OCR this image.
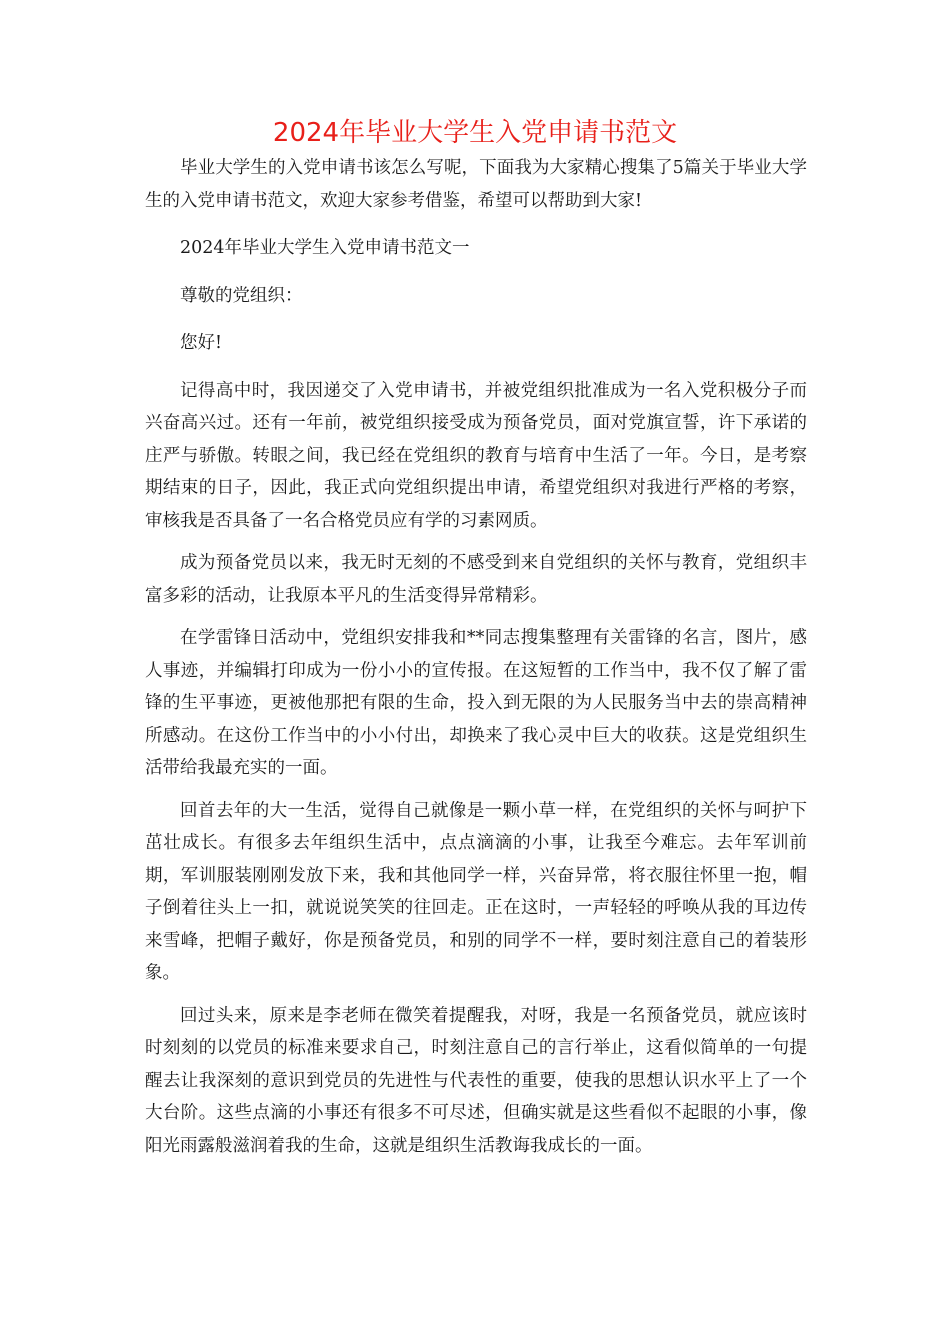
2024年毕业大学生入党申请书范文

毕业大学生的入党申请书该怎么写呢，下面我为大家精心搜集了5篇关于毕业大学生的入党申请书范文，欢迎大家参考借鉴，希望可以帮助到大家!

2024年毕业大学生入党申请书范文一

尊敬的党组织：

您好!

记得高中时，我因递交了入党申请书，并被党组织批准成为一名入党积极分子而兴奋高兴过。还有一年前，被党组织接受成为预备党员，面对党旗宣誓，许下承诺的庄严与骄傲。转眼之间，我已经在党组织的教育与培育中生活了一年。今日，是考察期结束的日子，因此，我正式向党组织提出申请，希望党组织对我进行严格的考察，审核我是否具备了一名合格党员应有学的习素网质。

成为预备党员以来，我无时无刻的不感受到来自党组织的关怀与教育，党组织丰富多彩的活动，让我原本平凡的生活变得异常精彩。

在学雷锋日活动中，党组织安排我和**同志搜集整理有关雷锋的名言，图片，感人事迹，并编辑打印成为一份小小的宣传报。在这短暂的工作当中，我不仅了解了雷锋的生平事迹，更被他那把有限的生命，投入到无限的为人民服务当中去的崇高精神所感动。在这份工作当中的小小付出，却换来了我心灵中巨大的收获。这是党组织生活带给我最充实的一面。

回首去年的大一生活，觉得自己就像是一颗小草一样，在党组织的关怀与呵护下茁壮成长。有很多去年组织生活中，点点滴滴的小事，让我至今难忘。去年军训前期，军训服装刚刚发放下来，我和其他同学一样，兴奋异常，将衣服往怀里一抱，帽子倒着往头上一扣，就说说笑笑的往回走。正在这时，一声轻轻的呼唤从我的耳边传来雪峰，把帽子戴好，你是预备党员，和别的同学不一样，要时刻注意自己的着装形象。

回过头来，原来是李老师在微笑着提醒我，对呀，我是一名预备党员，就应该时时刻刻的以党员的标准来要求自己，时刻注意自己的言行举止，这看似简单的一句提醒去让我深刻的意识到党员的先进性与代表性的重要，使我的思想认识水平上了一个大台阶。这些点滴的小事还有很多不可尽述，但确实就是这些看似不起眼的小事，像阳光雨露般滋润着我的生命，这就是组织生活教诲我成长的一面。
